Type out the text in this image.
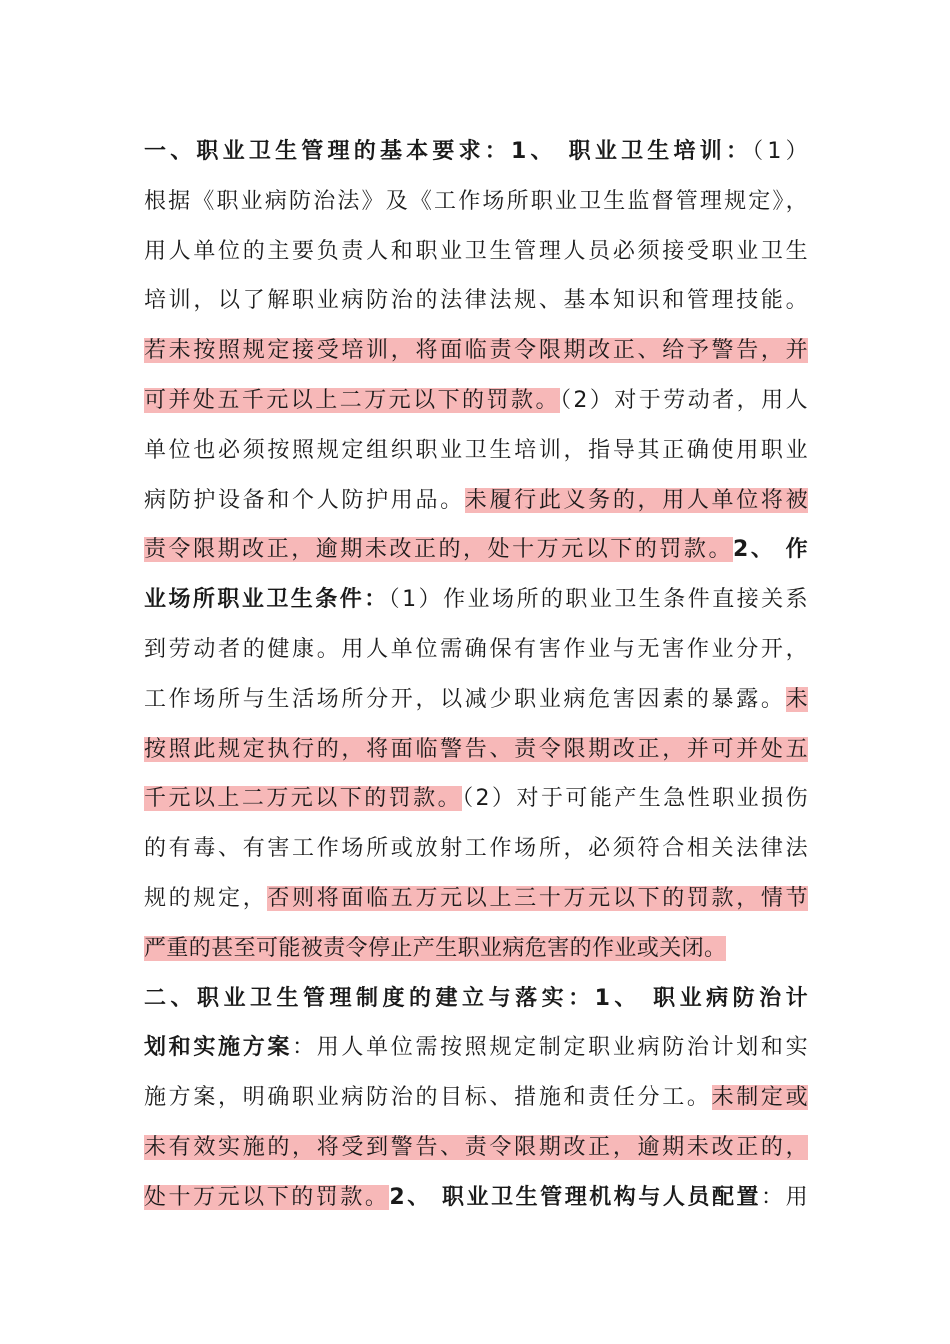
一、职业卫生管理的基本要求：1、 职业卫生培训：（1）
根据《职业病防治法》及《工作场所职业卫生监督管理规定》，
用人单位的主要负责人和职业卫生管理人员必须接受职业卫生
培训，以了解职业病防治的法律法规、基本知识和管理技能。
若未按照规定接受培训，将面临责令限期改正、给予警告，并
可并处五千元以上二万元以下的罚款。（2）对于劳动者，用人
单位也必须按照规定组织职业卫生培训，指导其正确使用职业
病防护设备和个人防护用品。未履行此义务的，用人单位将被
责令限期改正，逾期未改正的，处十万元以下的罚款。2、 作
业场所职业卫生条件：（1）作业场所的职业卫生条件直接关系
到劳动者的健康。用人单位需确保有害作业与无害作业分开，
工作场所与生活场所分开，以减少职业病危害因素的暴露。未
按照此规定执行的，将面临警告、责令限期改正，并可并处五
千元以上二万元以下的罚款。（2）对于可能产生急性职业损伤
的有毒、有害工作场所或放射工作场所，必须符合相关法律法
规的规定，否则将面临五万元以上三十万元以下的罚款，情节
严重的甚至可能被责令停止产生职业病危害的作业或关闭。
二、职业卫生管理制度的建立与落实：1、 职业病防治计
划和实施方案：用人单位需按照规定制定职业病防治计划和实
施方案，明确职业病防治的目标、措施和责任分工。未制定或
未有效实施的，将受到警告、责令限期改正，逾期未改正的，
处十万元以下的罚款。2、 职业卫生管理机构与人员配置：用
